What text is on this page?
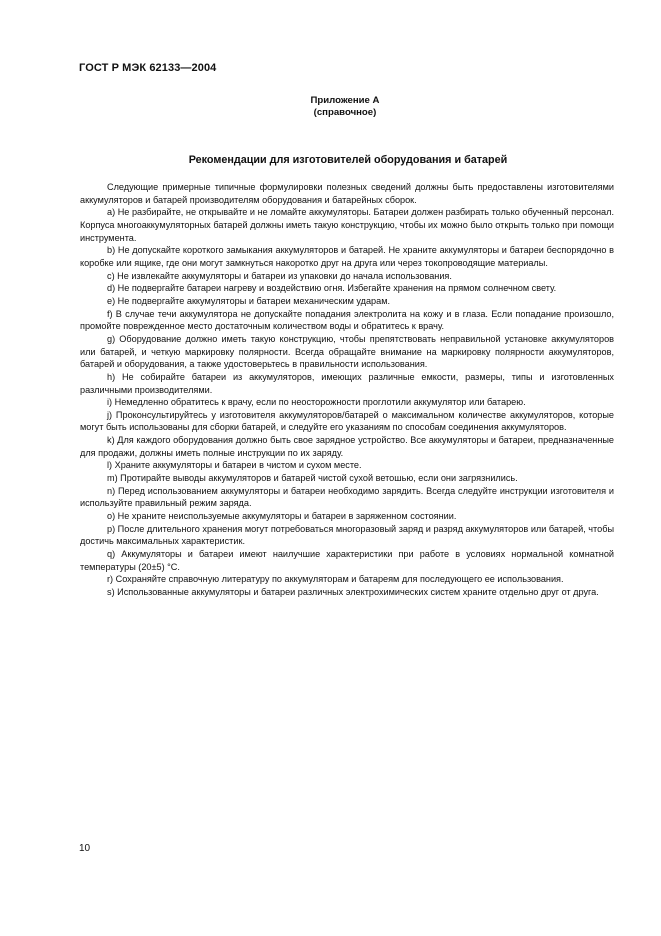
ГОСТ Р МЭК 62133—2004
Приложение А
(справочное)
Рекомендации для изготовителей оборудования и батарей

Следующие примерные типичные формулировки полезных сведений должны быть предоставлены изготовителями аккумуляторов и батарей производителям оборудования и батарейных сборок.

a) Не разбирайте, не открывайте и не ломайте аккумуляторы. Батареи должен разбирать только обученный персонал. Корпуса многоаккумуляторных батарей должны иметь такую конструкцию, чтобы их можно было открыть только при помощи инструмента.

b) Не допускайте короткого замыкания аккумуляторов и батарей. Не храните аккумуляторы и батареи беспорядочно в коробке или ящике, где они могут замкнуться накоротко друг на друга или через токопроводящие материалы.

c) Не извлекайте аккумуляторы и батареи из упаковки до начала использования.

d) Не подвергайте батареи нагреву и воздействию огня. Избегайте хранения на прямом солнечном свету.

e) Не подвергайте аккумуляторы и батареи механическим ударам.

f) В случае течи аккумулятора не допускайте попадания электролита на кожу и в глаза. Если попадание произошло, промойте поврежденное место достаточным количеством воды и обратитесь к врачу.

g) Оборудование должно иметь такую конструкцию, чтобы препятствовать неправильной установке аккумуляторов или батарей, и четкую маркировку полярности. Всегда обращайте внимание на маркировку полярности аккумуляторов, батарей и оборудования, а также удостоверьтесь в правильности использования.

h) Не собирайте батареи из аккумуляторов, имеющих различные емкости, размеры, типы и изготовленных различными производителями.

i) Немедленно обратитесь к врачу, если по неосторожности проглотили аккумулятор или батарею.

j) Проконсультируйтесь у изготовителя аккумуляторов/батарей о максимальном количестве аккумуляторов, которые могут быть использованы для сборки батарей, и следуйте его указаниям по способам соединения аккумуляторов.

k) Для каждого оборудования должно быть свое зарядное устройство. Все аккумуляторы и батареи, предназначенные для продажи, должны иметь полные инструкции по их заряду.

l) Храните аккумуляторы и батареи в чистом и сухом месте.

m) Протирайте выводы аккумуляторов и батарей чистой сухой ветошью, если они загрязнились.

n) Перед использованием аккумуляторы и батареи необходимо зарядить. Всегда следуйте инструкции изготовителя и используйте правильный режим заряда.

o) Не храните неиспользуемые аккумуляторы и батареи в заряженном состоянии.

p) После длительного хранения могут потребоваться многоразовый заряд и разряд аккумуляторов или батарей, чтобы достичь максимальных характеристик.

q) Аккумуляторы и батареи имеют наилучшие характеристики при работе в условиях нормальной комнатной температуры (20±5) °С.

r) Сохраняйте справочную литературу по аккумуляторам и батареям для последующего ее использования.

s) Использованные аккумуляторы и батареи различных электрохимических систем храните отдельно друг от друга.

10
